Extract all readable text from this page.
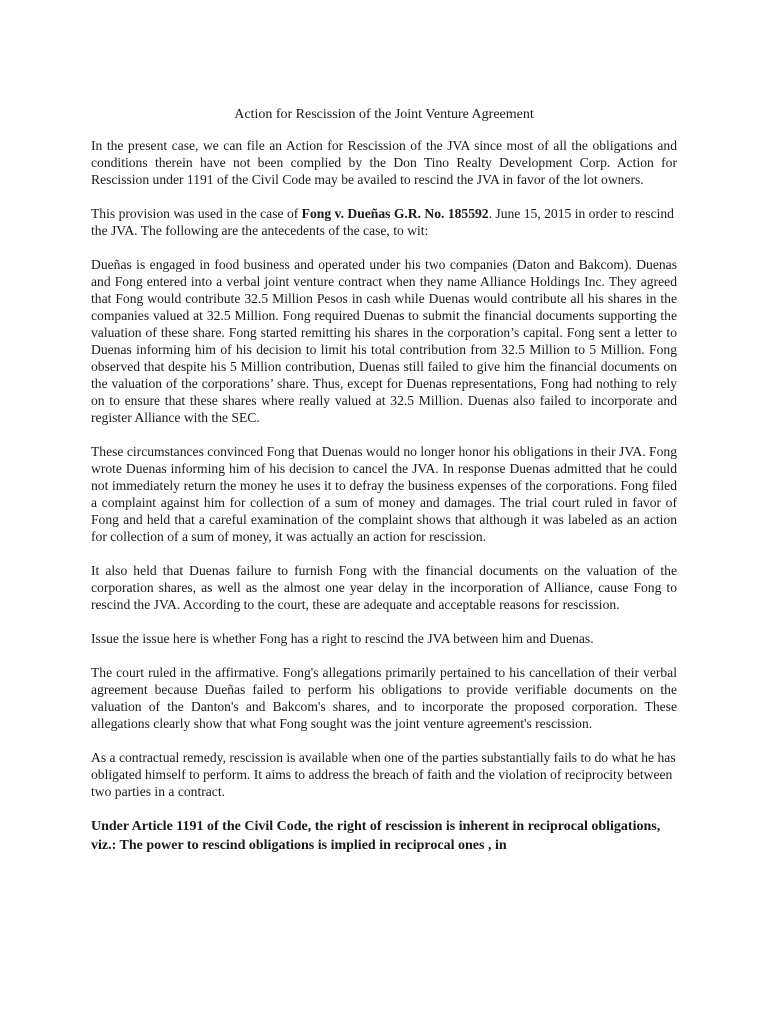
Action for Rescission of the Joint Venture Agreement

In the present case, we can file an Action for Rescission of the JVA since most of all the obligations and conditions therein have not been complied by the Don Tino Realty Development Corp. Action for Rescission under 1191 of the Civil Code may be availed to rescind the JVA in favor of the lot owners.

This provision was used in the case of Fong v. Dueñas G.R. No. 185592. June 15, 2015 in order to rescind the JVA. The following are the antecedents of the case, to wit:

Dueñas is engaged in food business and operated under his two companies (Daton and Bakcom). Duenas and Fong entered into a verbal joint venture contract when they name Alliance Holdings Inc. They agreed that Fong would contribute 32.5 Million Pesos in cash while Duenas would contribute all his shares in the companies valued at 32.5 Million. Fong required Duenas to submit the financial documents supporting the valuation of these share. Fong started remitting his shares in the corporation’s capital. Fong sent a letter to Duenas informing him of his decision to limit his total contribution from 32.5 Million to 5 Million. Fong observed that despite his 5 Million contribution, Duenas still failed to give him the financial documents on the valuation of the corporations’ share. Thus, except for Duenas representations, Fong had nothing to rely on to ensure that these shares where really valued at 32.5 Million. Duenas also failed to incorporate and register Alliance with the SEC.

These circumstances convinced Fong that Duenas would no longer honor his obligations in their JVA. Fong wrote Duenas informing him of his decision to cancel the JVA. In response Duenas admitted that he could not immediately return the money he uses it to defray the business expenses of the corporations. Fong filed a complaint against him for collection of a sum of money and damages. The trial court ruled in favor of Fong and held that a careful examination of the complaint shows that although it was labeled as an action for collection of a sum of money, it was actually an action for rescission.

It also held that Duenas failure to furnish Fong with the financial documents on the valuation of the corporation shares, as well as the almost one year delay in the incorporation of Alliance, cause Fong to rescind the JVA. According to the court, these are adequate and acceptable reasons for rescission.

Issue the issue here is whether Fong has a right to rescind the JVA between him and Duenas.

The court ruled in the affirmative. Fong's allegations primarily pertained to his cancellation of their verbal agreement because Dueñas failed to perform his obligations to provide verifiable documents on the valuation of the Danton's and Bakcom's shares, and to incorporate the proposed corporation. These allegations clearly show that what Fong sought was the joint venture agreement's rescission.

As a contractual remedy, rescission is available when one of the parties substantially fails to do what he has obligated himself to perform. It aims to address the breach of faith and the violation of reciprocity between two parties in a contract.

Under Article 1191 of the Civil Code, the right of rescission is inherent in reciprocal obligations, viz.: The power to rescind obligations is implied in reciprocal ones , in
